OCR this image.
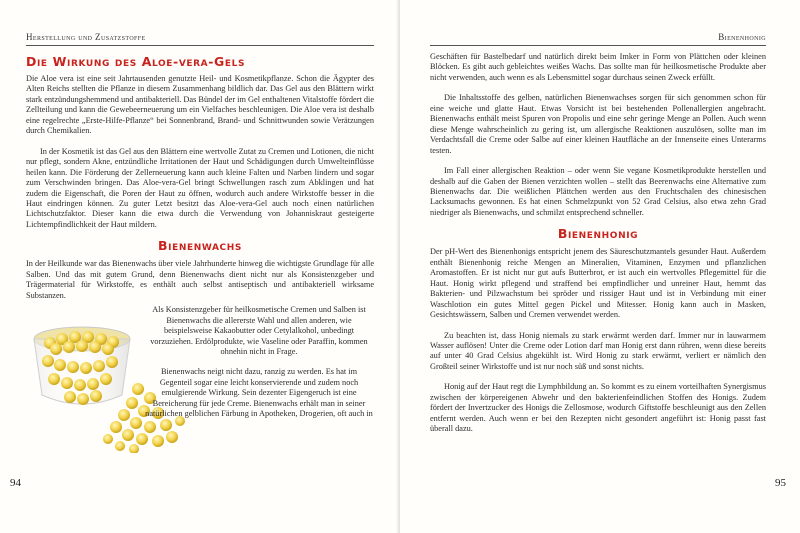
Herstellung und Zusatzstoffe
Die Wirkung des Aloe-vera-Gels

Die Aloe vera ist eine seit Jahrtausenden genutzte Heil- und Kosmetikpflanze. Schon die Ägypter des Alten Reichs stellten die Pflanze in diesem Zusammenhang bildlich dar. Das Gel aus den Blättern wirkt stark entzündungshemmend und antibakteriell. Das Bündel der im Gel enthaltenen Vitalstoffe fördert die Zellteilung und kann die Gewebeerneuerung um ein Vielfaches beschleunigen. Die Aloe vera ist deshalb eine regelrechte „Erste-Hilfe-Pflanze“ bei Sonnenbrand, Brand- und Schnittwunden sowie Verätzungen durch Chemikalien.

In der Kosmetik ist das Gel aus den Blättern eine wertvolle Zutat zu Cremen und Lotionen, die nicht nur pflegt, sondern Akne, entzündliche Irritationen der Haut und Schädigungen durch Umwelteinflüsse heilen kann. Die Förderung der Zellerneuerung kann auch kleine Falten und Narben lindern und sogar zum Verschwinden bringen. Das Aloe-vera-Gel bringt Schwellungen rasch zum Abklingen und hat zudem die Eigenschaft, die Poren der Haut zu öffnen, wodurch auch andere Wirkstoffe besser in die Haut eindringen können. Zu guter Letzt besitzt das Aloe-vera-Gel auch noch einen natürlichen Lichtschutzfaktor. Dieser kann die etwa durch die Verwendung von Johanniskraut gesteigerte Lichtempfindlichkeit der Haut mildern.

Bienenwachs

In der Heilkunde war das Bienenwachs über viele Jahrhunderte hinweg die wichtigste Grundlage für alle Salben. Und das mit gutem Grund, denn Bienenwachs dient nicht nur als Konsistenzgeber und Trägermaterial für Wirkstoffe, es enthält auch selbst antiseptisch und antibakteriell wirksame Substanzen.

Als Konsistenzgeber für heilkosmetische Cremen und Salben ist Bienenwachs die allererste Wahl und allen anderen, wie beispielsweise Kakaobutter oder Cetylalkohol, unbedingt vorzuziehen. Erdölprodukte, wie Vaseline oder Paraffin, kommen ohnehin nicht in Frage.

Bienenwachs neigt nicht dazu, ranzig zu werden. Es hat im Gegenteil sogar eine leicht konservierende und zudem noch emulgierende Wirkung. Sein dezenter Eigengeruch ist eine Bereicherung für jede Creme. Bienenwachs erhält man in seiner natürlichen gelblichen Färbung in Apotheken, Drogerien, oft auch in

94
Bienenhonig

Geschäften für Bastelbedarf und natürlich direkt beim Imker in Form von Plättchen oder kleinen Blöcken. Es gibt auch gebleichtes weißes Wachs. Das sollte man für heilkosmetische Produkte aber nicht verwenden, auch wenn es als Lebensmittel sogar durchaus seinen Zweck erfüllt.

Die Inhaltsstoffe des gelben, natürlichen Bienenwachses sorgen für sich genommen schon für eine weiche und glatte Haut. Etwas Vorsicht ist bei bestehenden Pollenallergien angebracht. Bienenwachs enthält meist Spuren von Propolis und eine sehr geringe Menge an Pollen. Auch wenn diese Menge wahrscheinlich zu gering ist, um allergische Reaktionen auszulösen, sollte man im Verdachtsfall die Creme oder Salbe auf einer kleinen Hautfläche an der Innenseite eines Unterarms testen.

Im Fall einer allergischen Reaktion – oder wenn Sie vegane Kosmetikprodukte herstellen und deshalb auf die Gaben der Bienen verzichten wollen – stellt das Beerenwachs eine Alternative zum Bienenwachs dar. Die weißlichen Plättchen werden aus den Fruchtschalen des chinesischen Lacksumachs gewonnen. Es hat einen Schmelzpunkt von 52 Grad Celsius, also etwa zehn Grad niedriger als Bienenwachs, und schmilzt entsprechend schneller.

Bienenhonig

Der pH-Wert des Bienenhonigs entspricht jenem des Säureschutzmantels gesunder Haut. Außerdem enthält Bienenhonig reiche Mengen an Mineralien, Vitaminen, Enzymen und pflanzlichen Aromastoffen. Er ist nicht nur gut aufs Butterbrot, er ist auch ein wertvolles Pflegemittel für die Haut. Honig wirkt pflegend und straffend bei empfindlicher und unreiner Haut, hemmt das Bakterien- und Pilzwachstum bei spröder und rissiger Haut und ist in Verbindung mit einer Waschlotion ein gutes Mittel gegen Pickel und Mitesser. Honig kann auch in Masken, Gesichtswässern, Salben und Cremen verwendet werden.

Zu beachten ist, dass Honig niemals zu stark erwärmt werden darf. Immer nur in lauwarmem Wasser auflösen! Unter die Creme oder Lotion darf man Honig erst dann rühren, wenn diese bereits auf unter 40 Grad Celsius abgekühlt ist. Wird Honig zu stark erwärmt, verliert er nämlich den Großteil seiner Wirkstoffe und ist nur noch süß und sonst nichts.

Honig auf der Haut regt die Lymphbildung an. So kommt es zu einem vorteilhaften Synergismus zwischen der körpereigenen Abwehr und den bakterienfeindlichen Stoffen des Honigs. Zudem fördert der Invertzucker des Honigs die Zellosmose, wodurch Giftstoffe beschleunigt aus den Zellen entfernt werden. Auch wenn er bei den Rezepten nicht gesondert angeführt ist: Honig passt fast überall dazu.

95
